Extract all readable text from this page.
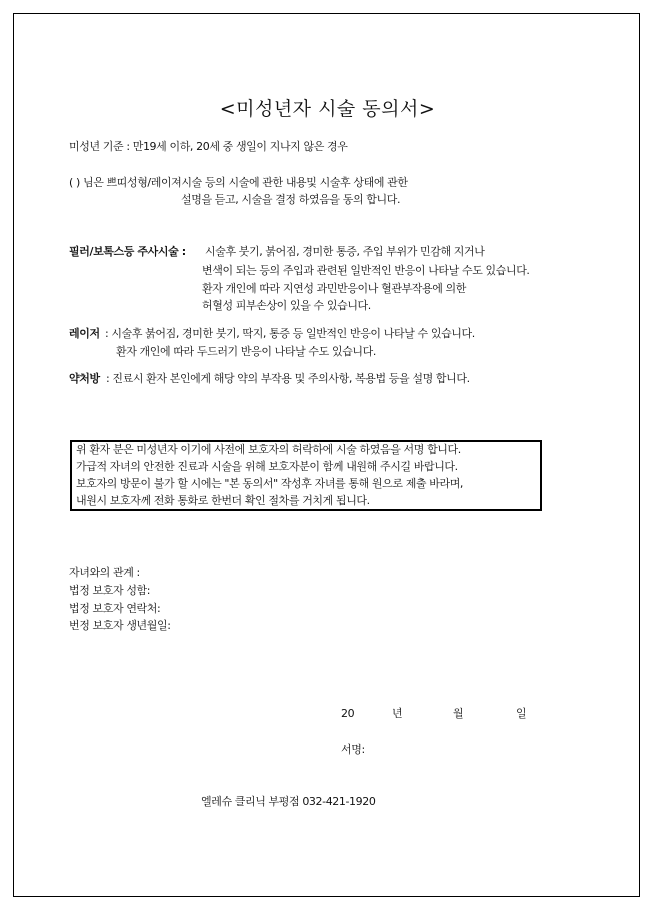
<미성년자 시술 동의서>
미성년 기준 : 만19세 이하, 20세 중 생일이 지나지 않은 경우
( ) 님은 쁘띠성형/레이져시술 등의 시술에 관한 내용및 시술후 상태에 관한
설명을 듣고, 시술을 결정 하였음을 동의 합니다.
필러/보톡스등 주사시술 : 시술후 붓기, 붉어짐, 경미한 통증, 주입 부위가 민감해 지거나
변색이 되는 등의 주입과 관련된 일반적인 반응이 나타날 수도 있습니다.
환자 개인에 따라 지연성 과민반응이나 혈관부작용에 의한
허혈성 피부손상이 있을 수 있습니다.
레이저 : 시술후 붉어짐, 경미한 붓기, 딱지, 통증 등 일반적인 반응이 나타날 수 있습니다.
환자 개인에 따라 두드러기 반응이 나타날 수도 있습니다.
약처방 : 진료시 환자 본인에게 해당 약의 부작용 및 주의사항, 복용법 등을 설명 합니다.
위 환자 분은 미성년자 이기에 사전에 보호자의 허락하에 시술 하였음을 서명 합니다.
가급적 자녀의 안전한 진료과 시술을 위해 보호자분이 함께 내원해 주시길 바랍니다.
보호자의 방문이 불가 할 시에는 "본 동의서" 작성후 자녀를 통해 원으로 제출 바라며,
내원시 보호자께 전화 통화로 한번더 확인 절차를 거치게 됩니다.
자녀와의 관계 :
법정 보호자 성함:
법정 보호자 연락처:
번정 보호자 생년월일:
20	년	월	일
서명:
엘레슈 클리닉 부평점 032-421-1920
